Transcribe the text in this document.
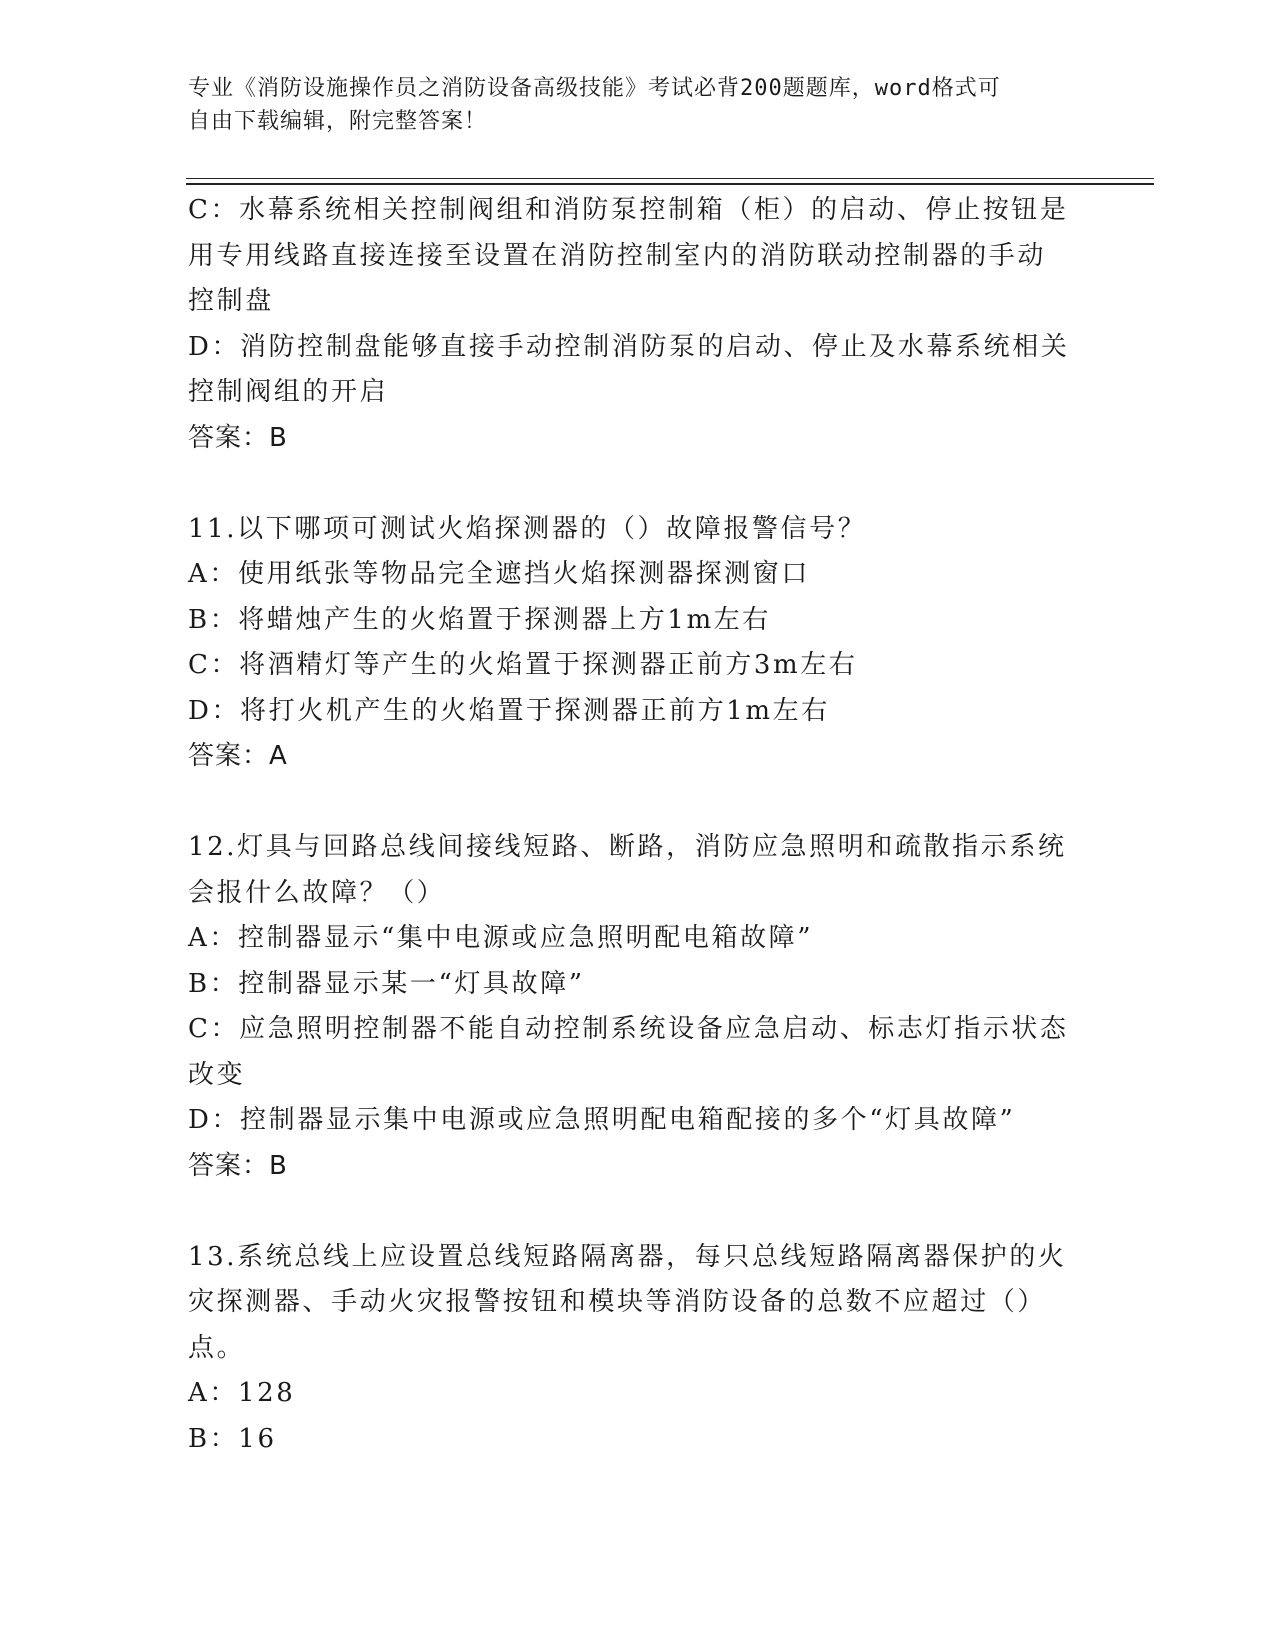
专业《消防设施操作员之消防设备高级技能》考试必背200题题库，word格式可
自由下载编辑，附完整答案！
C：水幕系统相关控制阀组和消防泵控制箱（柜）的启动、停止按钮是
用专用线路直接连接至设置在消防控制室内的消防联动控制器的手动
控制盘
D：消防控制盘能够直接手动控制消防泵的启动、停止及水幕系统相关
控制阀组的开启
答案：B
11.以下哪项可测试火焰探测器的（）故障报警信号？
A：使用纸张等物品完全遮挡火焰探测器探测窗口
B：将蜡烛产生的火焰置于探测器上方1m左右
C：将酒精灯等产生的火焰置于探测器正前方3m左右
D：将打火机产生的火焰置于探测器正前方1m左右
答案：A
12.灯具与回路总线间接线短路、断路，消防应急照明和疏散指示系统
会报什么故障？（）
A：控制器显示“集中电源或应急照明配电箱故障”
B：控制器显示某一“灯具故障”
C：应急照明控制器不能自动控制系统设备应急启动、标志灯指示状态
改变
D：控制器显示集中电源或应急照明配电箱配接的多个“灯具故障”
答案：B
13.系统总线上应设置总线短路隔离器，每只总线短路隔离器保护的火
灾探测器、手动火灾报警按钮和模块等消防设备的总数不应超过（）
点。
A：128
B：16
